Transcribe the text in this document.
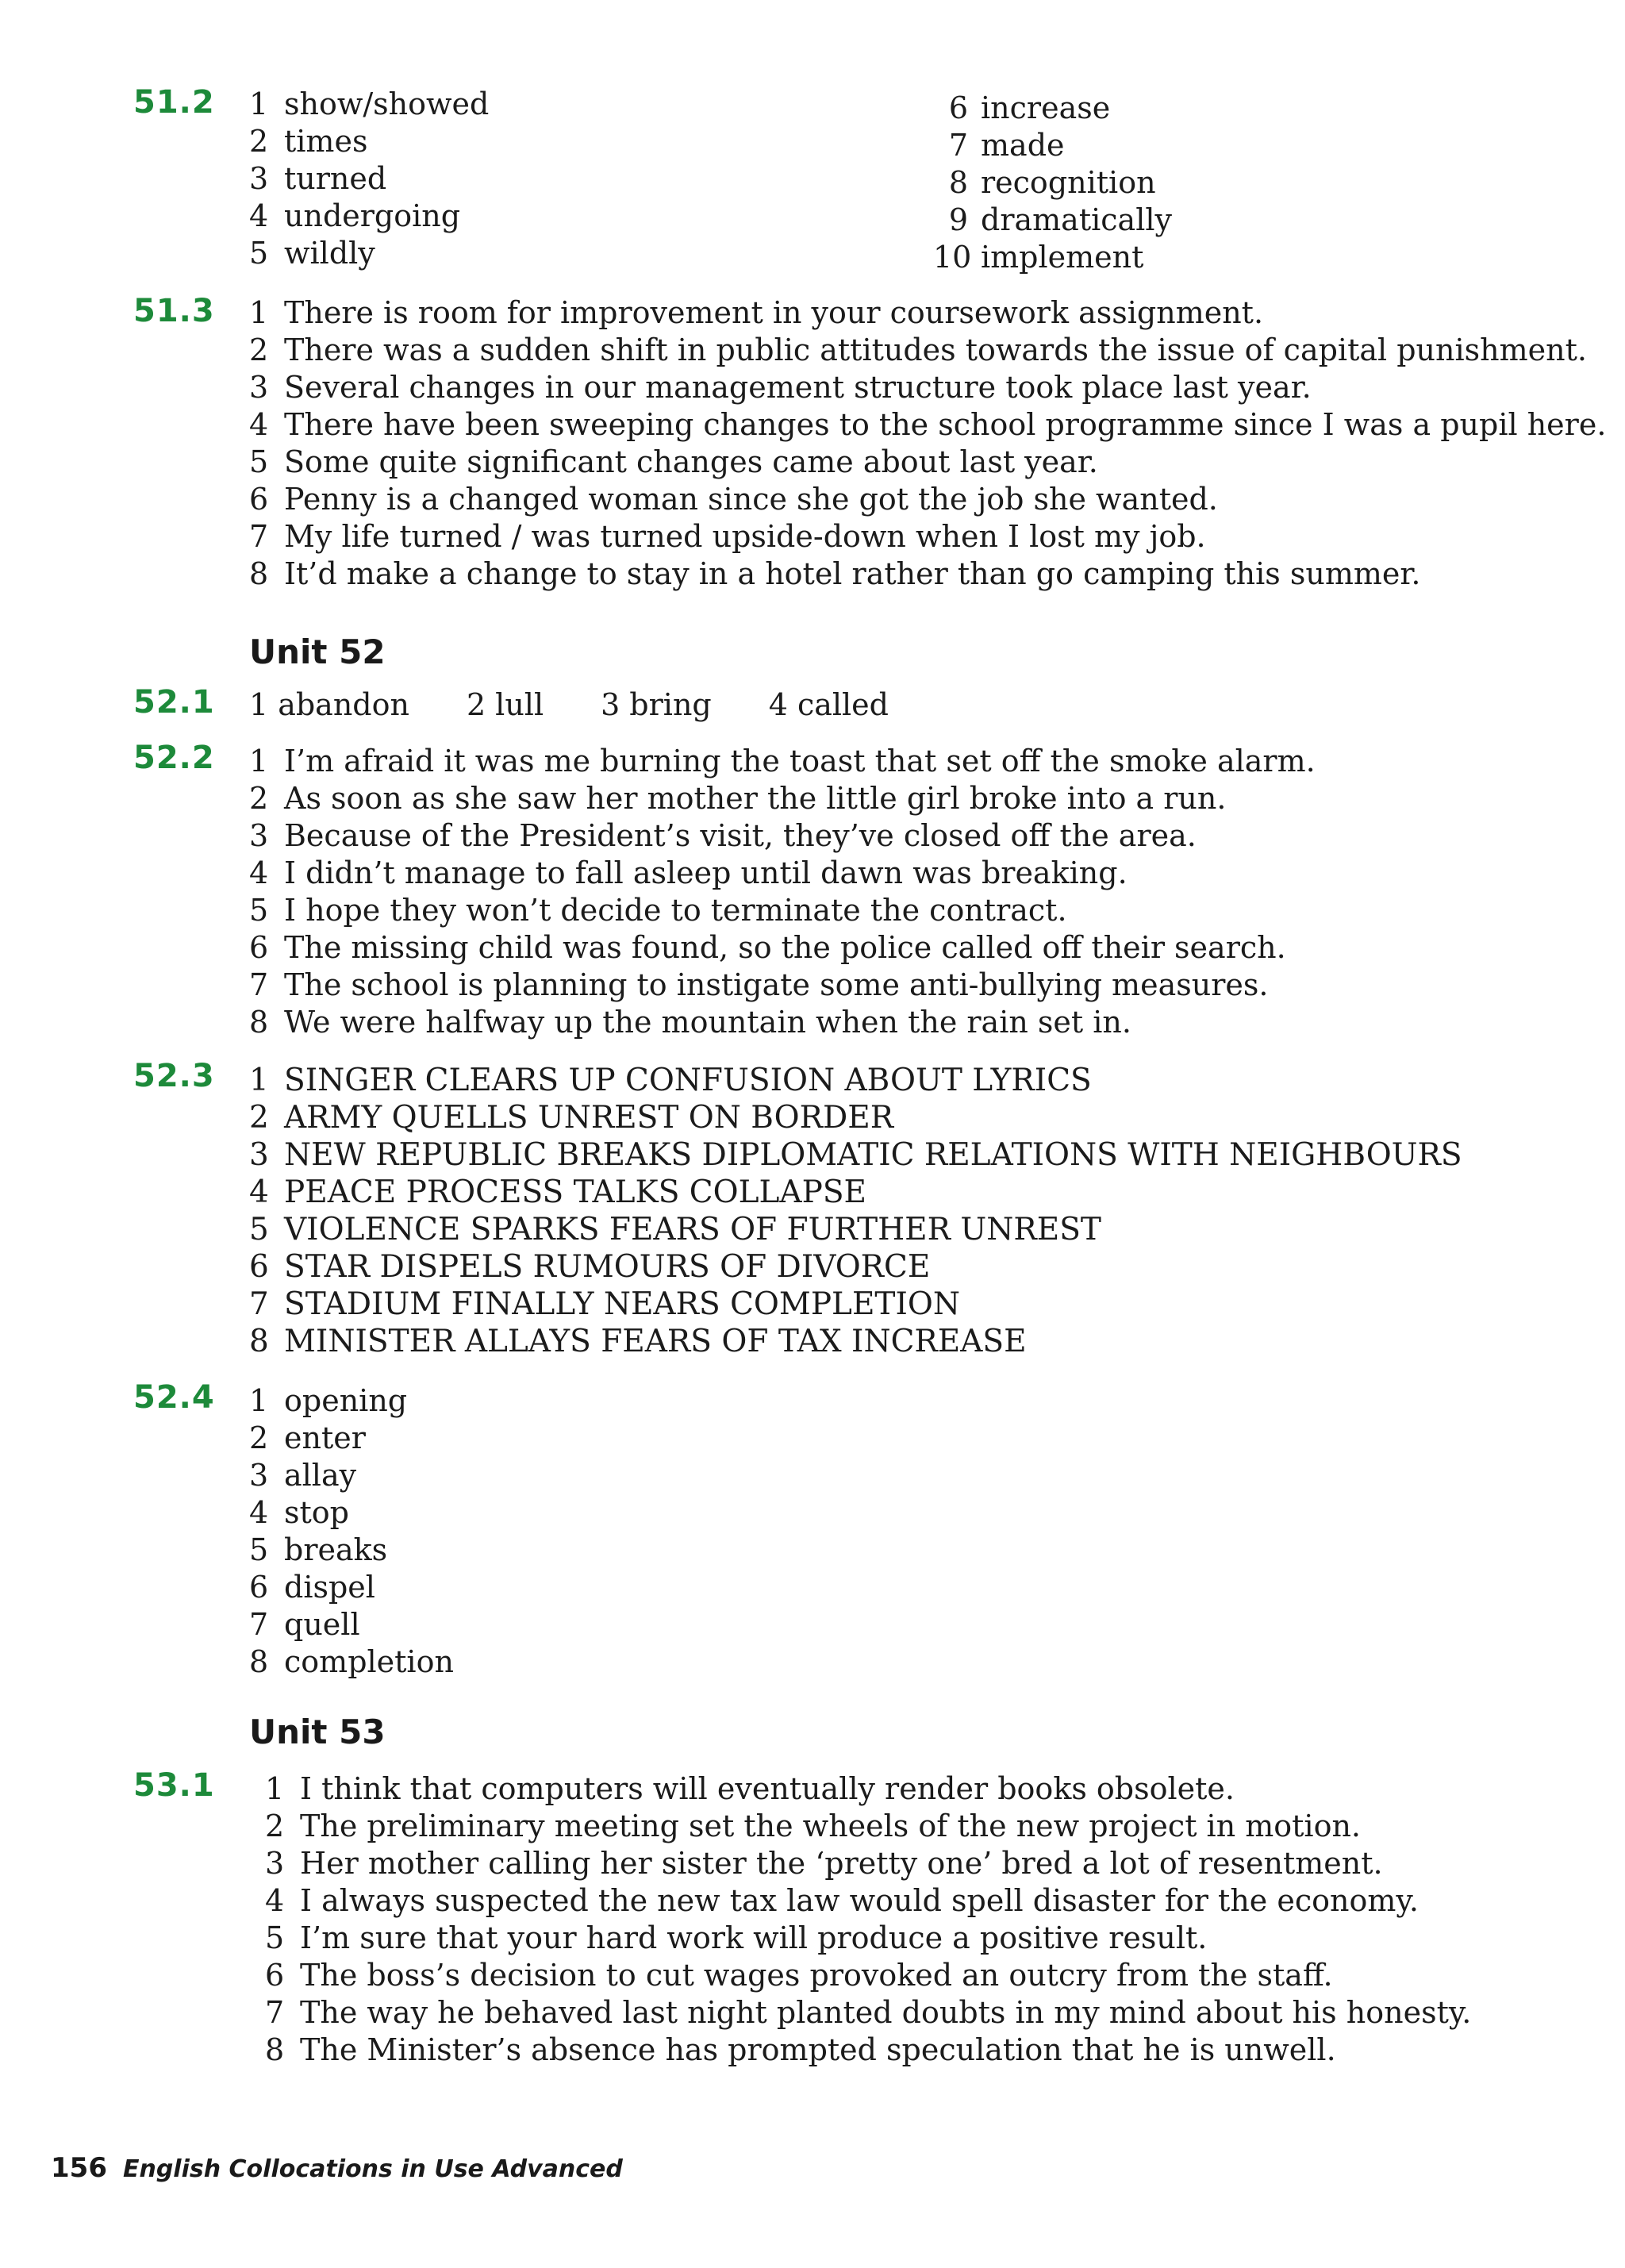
51.2 1 show/showed
2 times
3 turned
4 undergoing
5 wildly
6 increase
7 made
8 recognition
9 dramatically
10 implement
51.3 1 There is room for improvement in your coursework assignment.
2 There was a sudden shift in public attitudes towards the issue of capital punishment.
3 Several changes in our management structure took place last year.
4 There have been sweeping changes to the school programme since I was a pupil here.
5 Some quite significant changes came about last year.
6 Penny is a changed woman since she got the job she wanted.
7 My life turned / was turned upside-down when I lost my job.
8 It’d make a change to stay in a hotel rather than go camping this summer.
Unit 52
52.1 1 abandon 2 lull 3 bring 4 called
52.2 1 I’m afraid it was me burning the toast that set off the smoke alarm.
2 As soon as she saw her mother the little girl broke into a run.
3 Because of the President’s visit, they’ve closed off the area.
4 I didn’t manage to fall asleep until dawn was breaking.
5 I hope they won’t decide to terminate the contract.
6 The missing child was found, so the police called off their search.
7 The school is planning to instigate some anti-bullying measures.
8 We were halfway up the mountain when the rain set in.
52.3 1 SINGER CLEARS UP CONFUSION ABOUT LYRICS
2 ARMY QUELLS UNREST ON BORDER
3 NEW REPUBLIC BREAKS DIPLOMATIC RELATIONS WITH NEIGHBOURS
4 PEACE PROCESS TALKS COLLAPSE
5 VIOLENCE SPARKS FEARS OF FURTHER UNREST
6 STAR DISPELS RUMOURS OF DIVORCE
7 STADIUM FINALLY NEARS COMPLETION
8 MINISTER ALLAYS FEARS OF TAX INCREASE
52.4 1 opening
2 enter
3 allay
4 stop
5 breaks
6 dispel
7 quell
8 completion
Unit 53
53.1 1 I think that computers will eventually render books obsolete.
2 The preliminary meeting set the wheels of the new project in motion.
3 Her mother calling her sister the ‘pretty one’ bred a lot of resentment.
4 I always suspected the new tax law would spell disaster for the economy.
5 I’m sure that your hard work will produce a positive result.
6 The boss’s decision to cut wages provoked an outcry from the staff.
7 The way he behaved last night planted doubts in my mind about his honesty.
8 The Minister’s absence has prompted speculation that he is unwell.
156 English Collocations in Use Advanced
